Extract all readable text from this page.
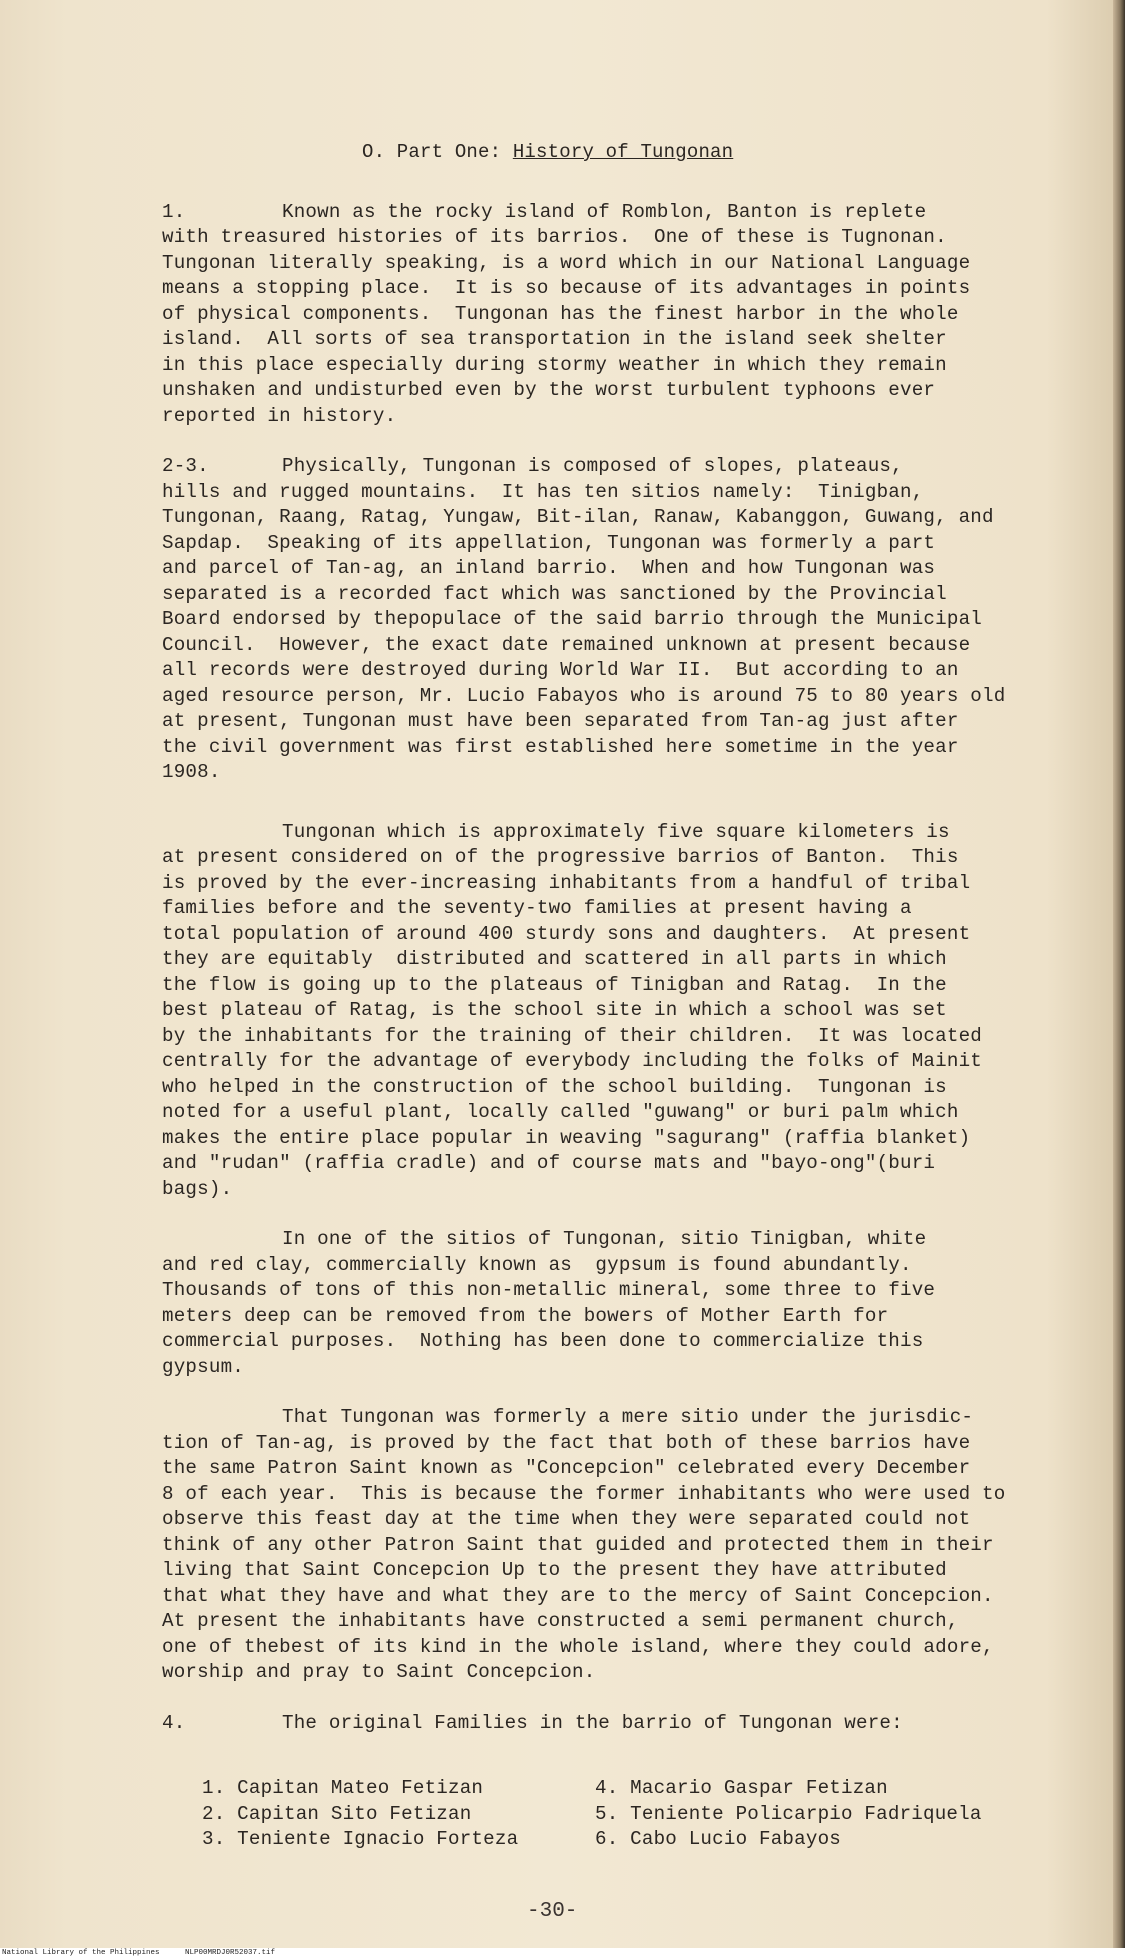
O. Part One: History of Tungonan

1.	Known as the rocky island of Romblon, Banton is replete

with treasured histories of its barrios.  One of these is Tugnonan.

Tungonan literally speaking, is a word which in our National Language

means a stopping place.  It is so because of its advantages in points

of physical components.  Tungonan has the finest harbor in the whole

island.  All sorts of sea transportation in the island seek shelter

in this place especially during stormy weather in which they remain

unshaken and undisturbed even by the worst turbulent typhoons ever

reported in history.

2-3.	Physically, Tungonan is composed of slopes, plateaus,

hills and rugged mountains.  It has ten sitios namely:  Tinigban,

Tungonan, Raang, Ratag, Yungaw, Bit-ilan, Ranaw, Kabanggon, Guwang, and

Sapdap.  Speaking of its appellation, Tungonan was formerly a part

and parcel of Tan-ag, an inland barrio.  When and how Tungonan was

separated is a recorded fact which was sanctioned by the Provincial

Board endorsed by thepopulace of the said barrio through the Municipal

Council.  However, the exact date remained unknown at present because

all records were destroyed during World War II.  But according to an

aged resource person, Mr. Lucio Fabayos who is around 75 to 80 years old

at present, Tungonan must have been separated from Tan-ag just after

the civil government was first established here sometime in the year

1908.

Tungonan which is approximately five square kilometers is

at present considered on of the progressive barrios of Banton.  This

is proved by the ever-increasing inhabitants from a handful of tribal

families before and the seventy-two families at present having a

total population of around 400 sturdy sons and daughters.  At present

they are equitably  distributed and scattered in all parts in which

the flow is going up to the plateaus of Tinigban and Ratag.  In the

best plateau of Ratag, is the school site in which a school was set

by the inhabitants for the training of their children.  It was located

centrally for the advantage of everybody including the folks of Mainit

who helped in the construction of the school building.  Tungonan is

noted for a useful plant, locally called "guwang" or buri palm which

makes the entire place popular in weaving "sagurang" (raffia blanket)

and "rudan" (raffia cradle) and of course mats and "bayo-ong"(buri

bags).

In one of the sitios of Tungonan, sitio Tinigban, white

and red clay, commercially known as  gypsum is found abundantly.

Thousands of tons of this non-metallic mineral, some three to five

meters deep can be removed from the bowers of Mother Earth for

commercial purposes.  Nothing has been done to commercialize this

gypsum.

That Tungonan was formerly a mere sitio under the jurisdic-

tion of Tan-ag, is proved by the fact that both of these barrios have

the same Patron Saint known as "Concepcion" celebrated every December

8 of each year.  This is because the former inhabitants who were used to

observe this feast day at the time when they were separated could not

think of any other Patron Saint that guided and protected them in their

living that Saint Concepcion Up to the present they have attributed

that what they have and what they are to the mercy of Saint Concepcion.

At present the inhabitants have constructed a semi permanent church,

one of thebest of its kind in the whole island, where they could adore,

worship and pray to Saint Concepcion.

4.	The original Families in the barrio of Tungonan were:

1. Capitan Mateo Fetizan	4. Macario Gaspar Fetizan
2. Capitan Sito Fetizan	5. Teniente Policarpio Fadriquela
3. Teniente Ignacio Forteza	6. Cabo Lucio Fabayos
-30-
National Library of the Philippines	NLP00MRDJ0R52037.tif
